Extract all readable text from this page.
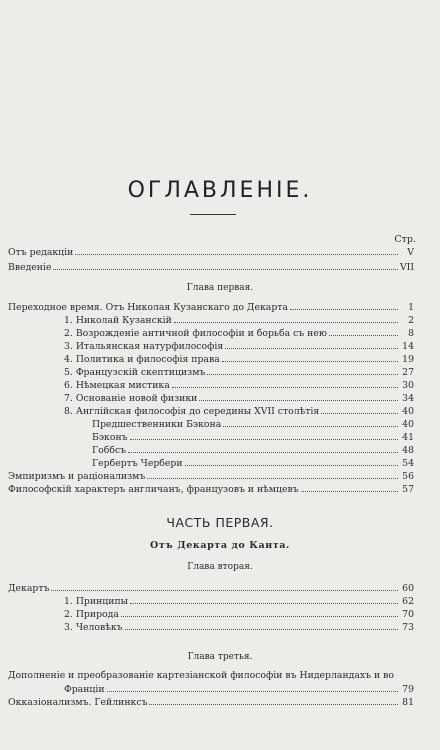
ОГЛАВЛЕНIЕ.
Стр.
Отъ редакцiи	V
Введенiе	VII
Глава первая.
Переходное время. Отъ Николая Кузанскаго до Декарта	1
1. Николай Кузанскiй	2
2. Возрожденiе античной философiи и борьба съ нею	8
3. Итальянская натурфилософiя	14
4. Политика и философiя права	19
5. Французскiй скептицизмъ	27
6. Нѣмецкая мистика	30
7. Основанiе новой физики	34
8. Англiйская философiя до середины XVII столѣтiя	40
Предшественники Бэкона	40
Бэконъ	41
Гоббсъ	48
Гербертъ Чербери	54
Эмпиризмъ и рацiонализмъ	56
Философскiй характеръ англичанъ, французовъ и нѣмцевъ	57
ЧАСТЬ ПЕРВАЯ.
Отъ Декарта до Канта.
Глава вторая.
Декартъ	60
1. Принципы	62
2. Природа	70
3. Человѣкъ	73
Глава третья.
Дополненiе и преобразованiе картезiанской философiи въ Нидерландахъ и во
Францiи	79
Окказiонализмъ. Гейлинксъ	81
